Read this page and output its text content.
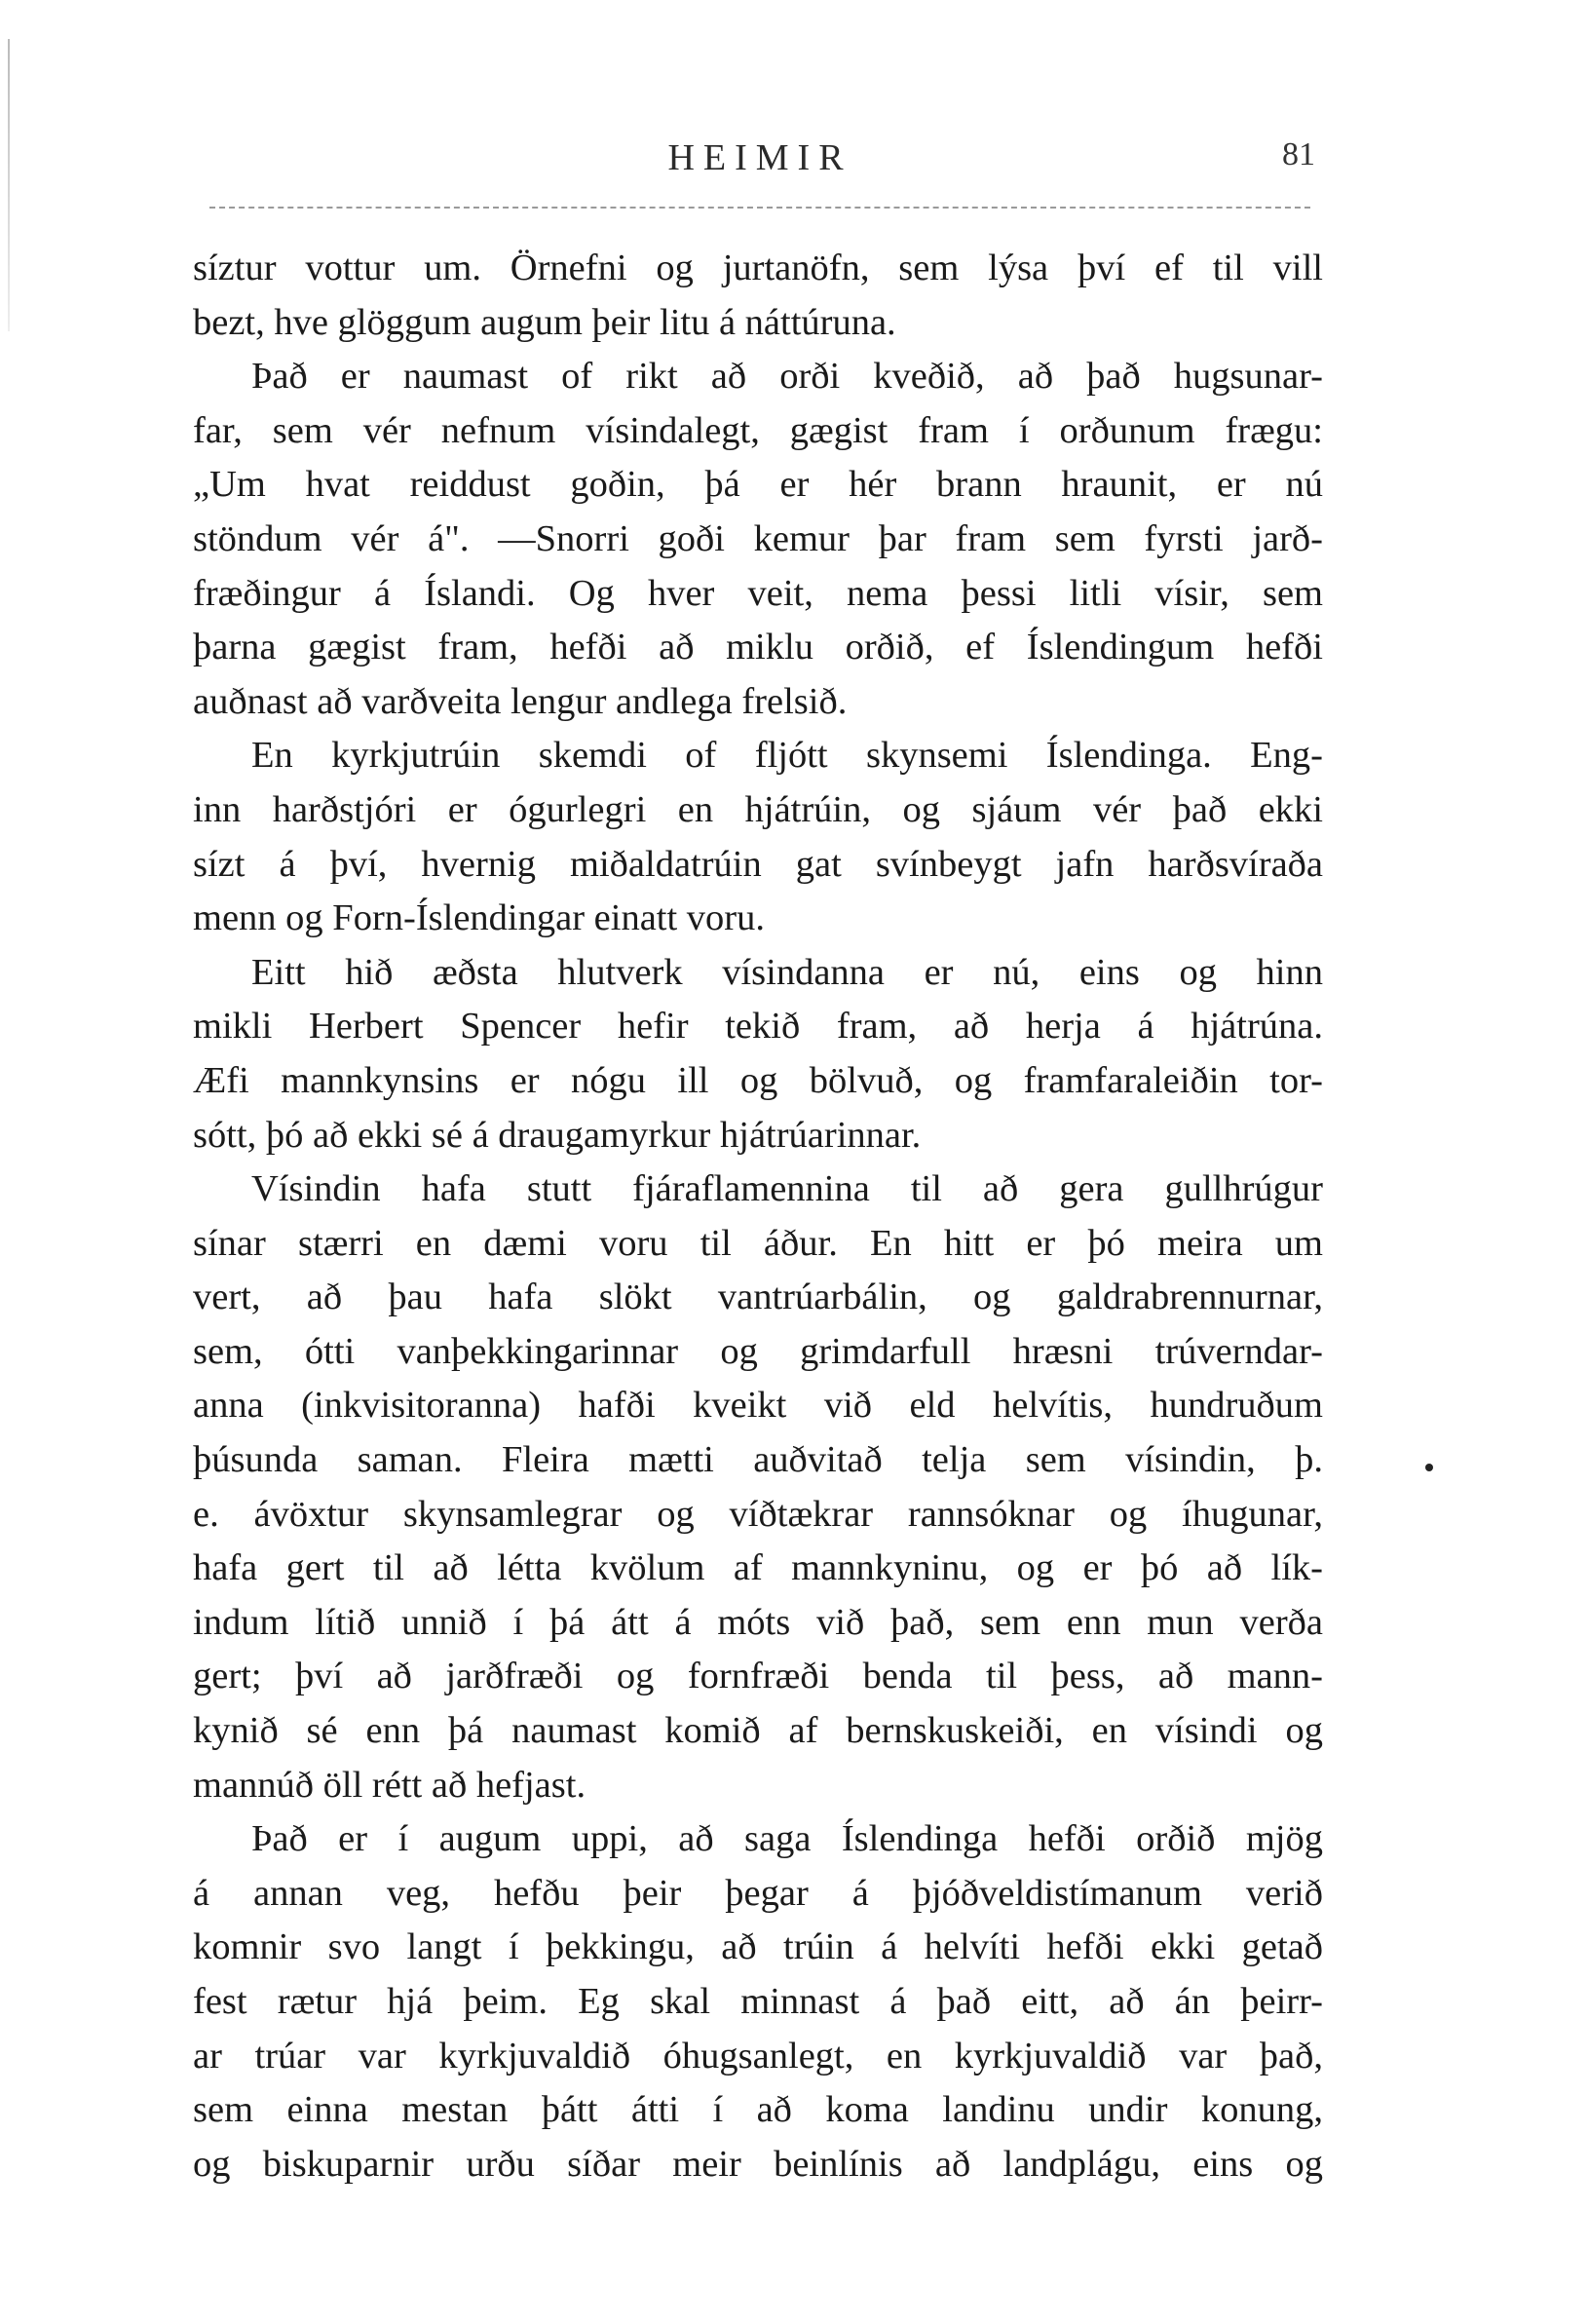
HEIMIR	81
síztur vottur um. Örnefni og jurtanöfn, sem lýsa því ef til vill
bezt, hve glöggum augum þeir litu á náttúruna.
Það er naumast of rikt að orði kveðið, að það hugsunar-
far, sem vér nefnum vísindalegt, gægist fram í orðunum frægu:
„Um hvat reiddust goðin, þá er hér brann hraunit, er nú
stöndum vér á". —Snorri goði kemur þar fram sem fyrsti jarð-
fræðingur á Íslandi. Og hver veit, nema þessi litli vísir, sem
þarna gægist fram, hefði að miklu orðið, ef Íslendingum hefði
auðnast að varðveita lengur andlega frelsið.
En kyrkjutrúin skemdi of fljótt skynsemi Íslendinga. Eng-
inn harðstjóri er ógurlegri en hjátrúin, og sjáum vér það ekki
sízt á því, hvernig miðaldatrúin gat svínbeygt jafn harðsvíraða
menn og Forn-Íslendingar einatt voru.
Eitt hið æðsta hlutverk vísindanna er nú, eins og hinn
mikli Herbert Spencer hefir tekið fram, að herja á hjátrúna.
Æfi mannkynsins er nógu ill og bölvuð, og framfaraleiðin tor-
sótt, þó að ekki sé á draugamyrkur hjátrúarinnar.
Vísindin hafa stutt fjáraflamennina til að gera gullhrúgur
sínar stærri en dæmi voru til áður. En hitt er þó meira um
vert, að þau hafa slökt vantrúarbálin, og galdrabrennurnar,
sem, ótti vanþekkingarinnar og grimdarfull hræsni trúverndar-
anna (inkvisitoranna) hafði kveikt við eld helvítis, hundruðum
þúsunda saman. Fleira mætti auðvitað telja sem vísindin, þ.
e. ávöxtur skynsamlegrar og víðtækrar rannsóknar og íhugunar,
hafa gert til að létta kvölum af mannkyninu, og er þó að lík-
indum lítið unnið í þá átt á móts við það, sem enn mun verða
gert; því að jarðfræði og fornfræði benda til þess, að mann-
kynið sé enn þá naumast komið af bernskuskeiði, en vísindi og
mannúð öll rétt að hefjast.
Það er í augum uppi, að saga Íslendinga hefði orðið mjög
á annan veg, hefðu þeir þegar á þjóðveldistímanum verið
komnir svo langt í þekkingu, að trúin á helvíti hefði ekki getað
fest rætur hjá þeim. Eg skal minnast á það eitt, að án þeirr-
ar trúar var kyrkjuvaldið óhugsanlegt, en kyrkjuvaldið var það,
sem einna mestan þátt átti í að koma landinu undir konung,
og biskuparnir urðu síðar meir beinlínis að landplágu, eins og
